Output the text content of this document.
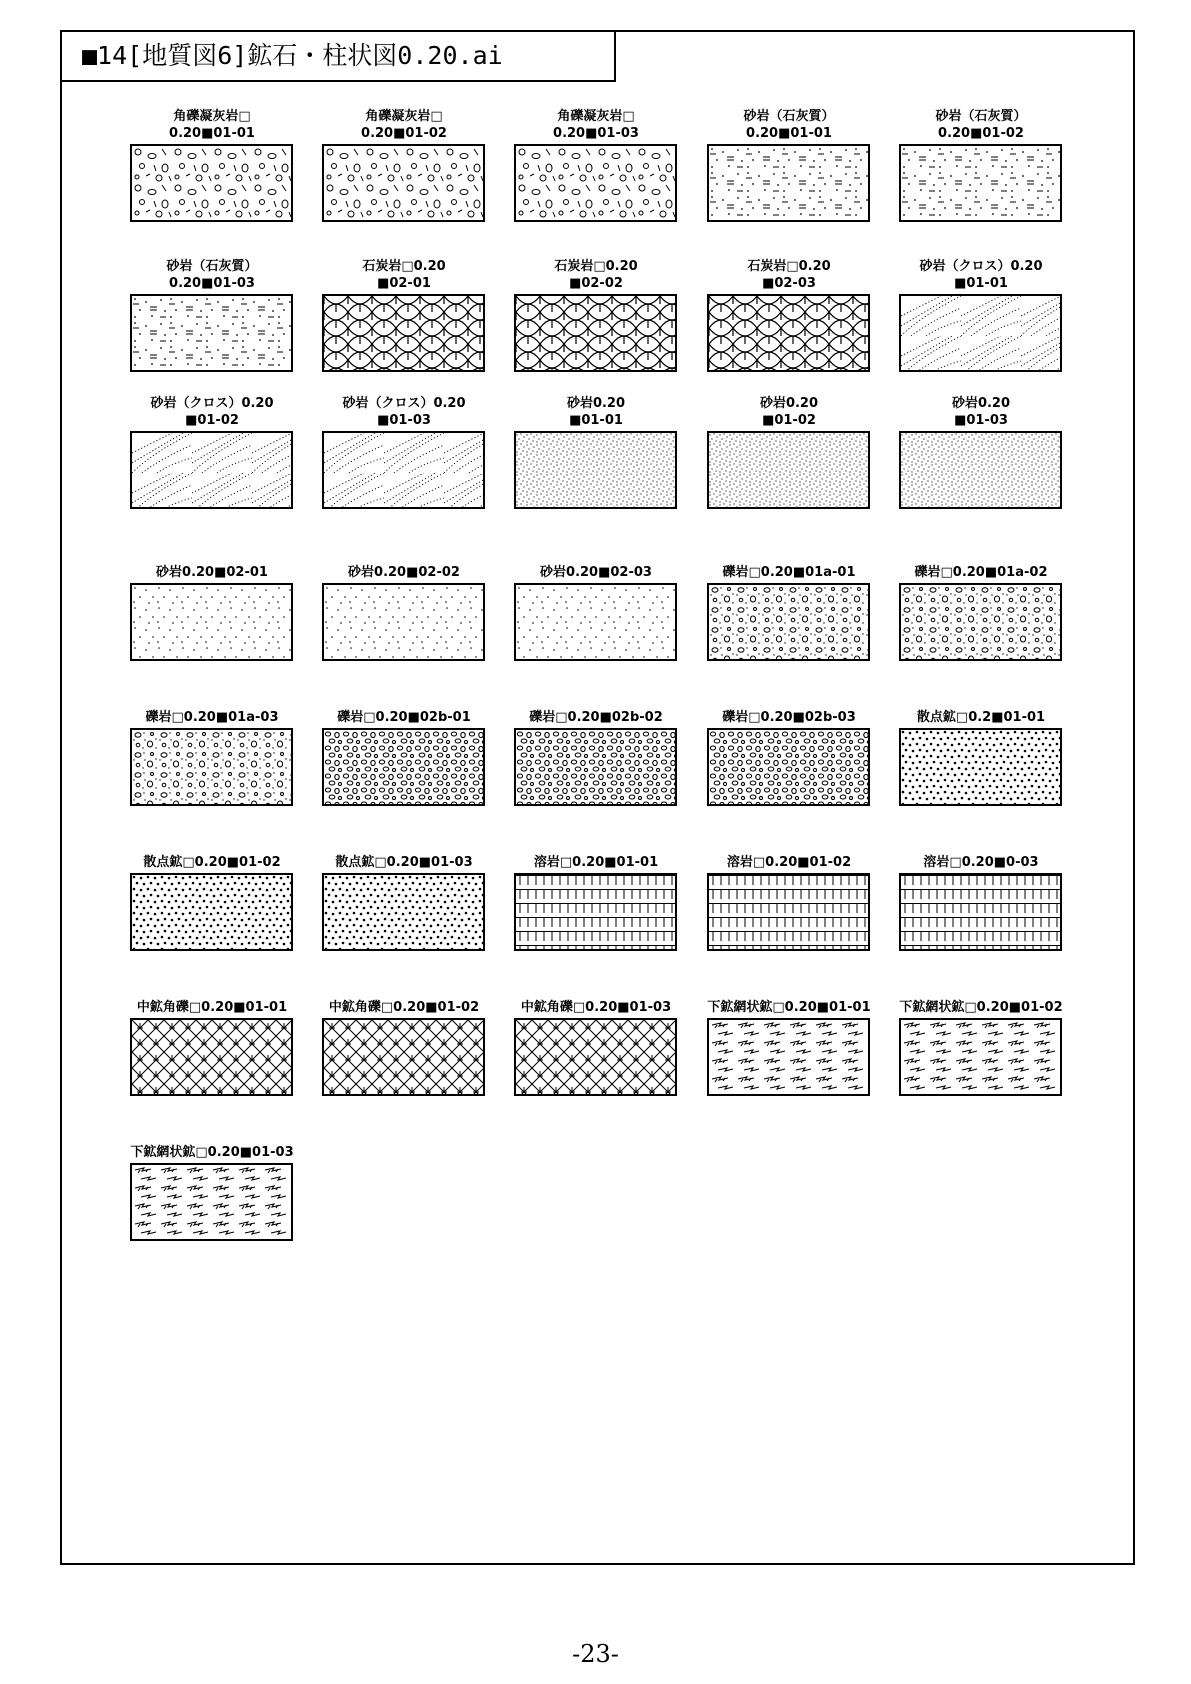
■14[地質図6]鉱石・柱状図0.20.ai
角礫凝灰岩□
0.20■01-01
角礫凝灰岩□
0.20■01-02
角礫凝灰岩□
0.20■01-03
砂岩（石灰質）
0.20■01-01
砂岩（石灰質）
0.20■01-02
砂岩（石灰質）
0.20■01-03
石炭岩□0.20
■02-01
石炭岩□0.20
■02-02
石炭岩□0.20
■02-03
砂岩（クロス）0.20
■01-01
砂岩（クロス）0.20
■01-02
砂岩（クロス）0.20
■01-03
砂岩0.20
■01-01
砂岩0.20
■01-02
砂岩0.20
■01-03
砂岩0.20■02-01	砂岩0.20■02-02	砂岩0.20■02-03	礫岩□0.20■01a-01	礫岩□0.20■01a-02
礫岩□0.20■01a-03	礫岩□0.20■02b-01	礫岩□0.20■02b-02	礫岩□0.20■02b-03	散点鉱□0.2■01-01
散点鉱□0.20■01-02	散点鉱□0.20■01-03	溶岩□0.20■01-01	溶岩□0.20■01-02	溶岩□0.20■0-03
中鉱角礫□0.20■01-01	中鉱角礫□0.20■01-02	中鉱角礫□0.20■01-03	下鉱網状鉱□0.20■01-01	下鉱網状鉱□0.20■01-02
下鉱網状鉱□0.20■01-03
-23-
